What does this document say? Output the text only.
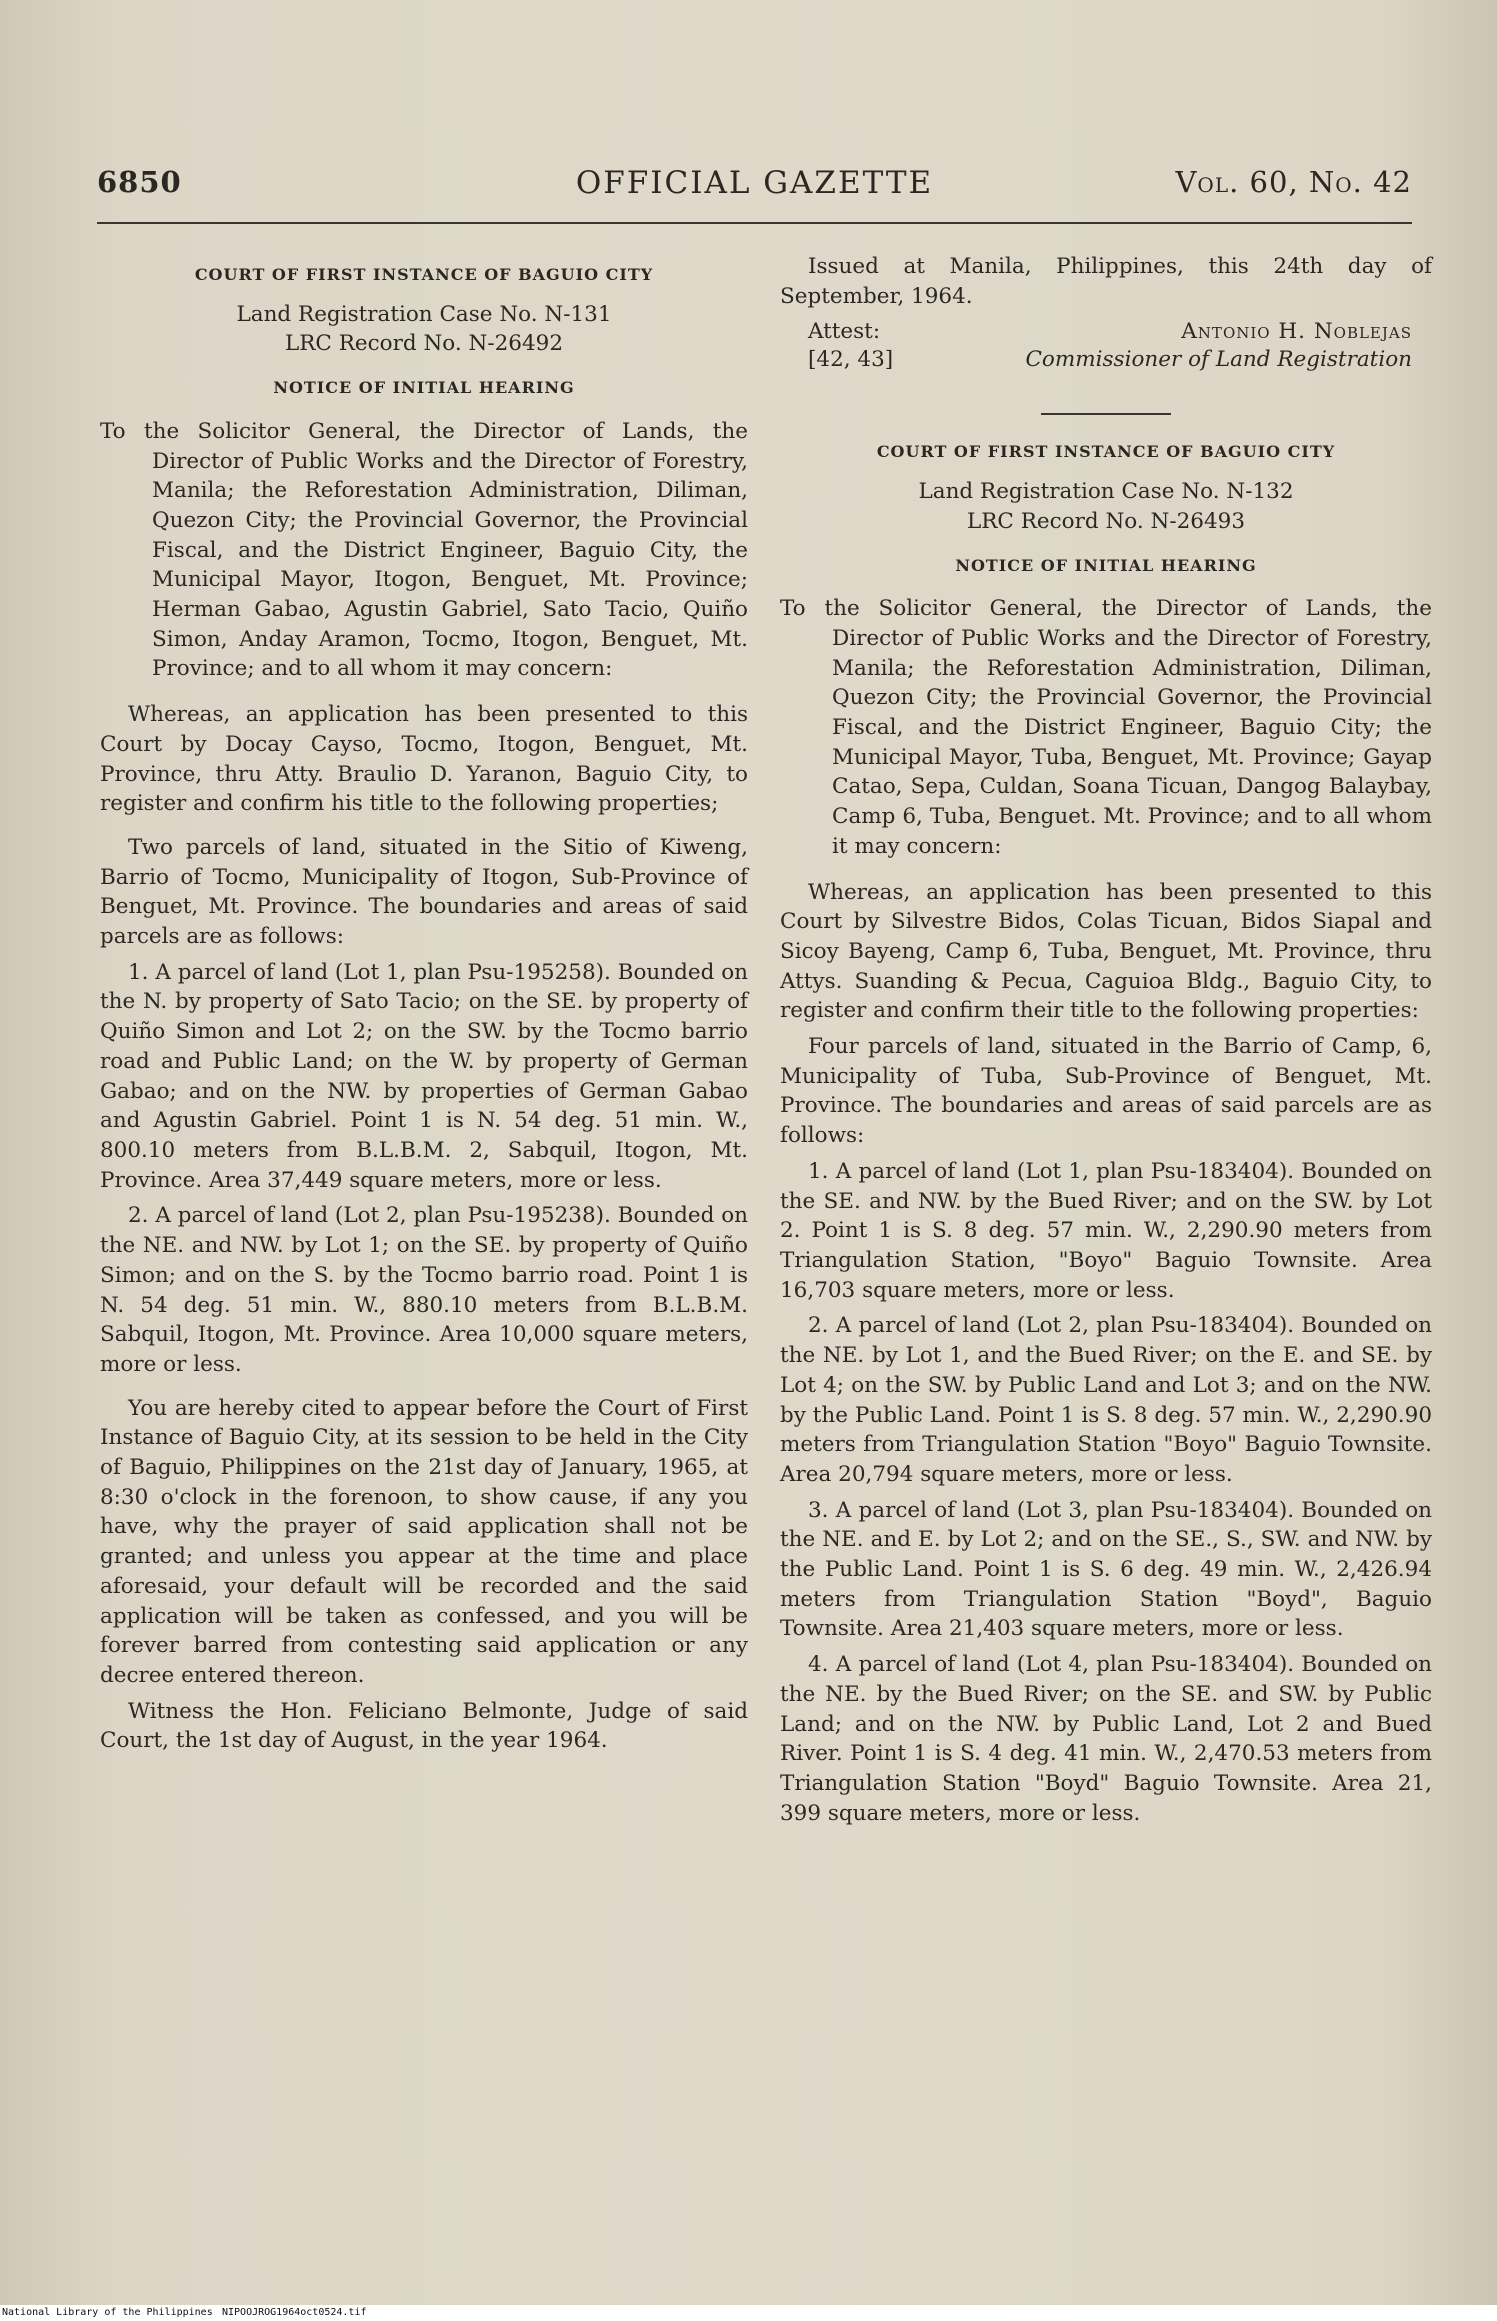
6850	OFFICIAL GAZETTE	Vol. 60, No. 42
COURT OF FIRST INSTANCE OF BAGUIO CITY

Land Registration Case No. N-131

LRC Record No. N-26492

NOTICE OF INITIAL HEARING

To the Solicitor General, the Director of Lands, the Director of Public Works and the Director of Forestry, Manila; the Reforestation Administration, Diliman, Quezon City; the Provincial Governor, the Provincial Fiscal, and the District Engineer, Baguio City, the Municipal Mayor, Itogon, Benguet, Mt. Province; Herman Gabao, Agustin Gabriel, Sato Tacio, Quiño Simon, Anday Aramon, Tocmo, Itogon, Benguet, Mt. Province; and to all whom it may concern:

Whereas, an application has been presented to this Court by Docay Cayso, Tocmo, Itogon, Benguet, Mt. Province, thru Atty. Braulio D. Yaranon, Baguio City, to register and confirm his title to the following properties;

Two parcels of land, situated in the Sitio of Kiweng, Barrio of Tocmo, Municipality of Itogon, Sub-Province of Benguet, Mt. Province. The boundaries and areas of said parcels are as follows:

1. A parcel of land (Lot 1, plan Psu-195258). Bounded on the N. by property of Sato Tacio; on the SE. by property of Quiño Simon and Lot 2; on the SW. by the Tocmo barrio road and Public Land; on the W. by property of German Gabao; and on the NW. by properties of German Gabao and Agustin Gabriel. Point 1 is N. 54 deg. 51 min. W., 800.10 meters from B.L.B.M. 2, Sabquil, Itogon, Mt. Province. Area 37,449 square meters, more or less.

2. A parcel of land (Lot 2, plan Psu-195238). Bounded on the NE. and NW. by Lot 1; on the SE. by property of Quiño Simon; and on the S. by the Tocmo barrio road. Point 1 is N. 54 deg. 51 min. W., 880.10 meters from B.L.B.M. Sabquil, Itogon, Mt. Province. Area 10,000 square meters, more or less.

You are hereby cited to appear before the Court of First Instance of Baguio City, at its session to be held in the City of Baguio, Philippines on the 21st day of January, 1965, at 8:30 o'clock in the forenoon, to show cause, if any you have, why the prayer of said application shall not be granted; and unless you appear at the time and place aforesaid, your default will be recorded and the said application will be taken as confessed, and you will be forever barred from contesting said application or any decree entered thereon.

Witness the Hon. Feliciano Belmonte, Judge of said Court, the 1st day of August, in the year 1964.

Issued at Manila, Philippines, this 24th day of September, 1964.

Attest:	Antonio H. Noblejas
[42, 43]	Commissioner of Land Registration
COURT OF FIRST INSTANCE OF BAGUIO CITY

Land Registration Case No. N-132

LRC Record No. N-26493

NOTICE OF INITIAL HEARING

To the Solicitor General, the Director of Lands, the Director of Public Works and the Director of Forestry, Manila; the Reforestation Administration, Diliman, Quezon City; the Provincial Governor, the Provincial Fiscal, and the District Engineer, Baguio City; the Municipal Mayor, Tuba, Benguet, Mt. Province; Gayap Catao, Sepa, Culdan, Soana Ticuan, Dangog Balaybay, Camp 6, Tuba, Benguet. Mt. Province; and to all whom it may concern:

Whereas, an application has been presented to this Court by Silvestre Bidos, Colas Ticuan, Bidos Siapal and Sicoy Bayeng, Camp 6, Tuba, Benguet, Mt. Province, thru Attys. Suanding & Pecua, Caguioa Bldg., Baguio City, to register and confirm their title to the following properties:

Four parcels of land, situated in the Barrio of Camp, 6, Municipality of Tuba, Sub-Province of Benguet, Mt. Province. The boundaries and areas of said parcels are as follows:

1. A parcel of land (Lot 1, plan Psu-183404). Bounded on the SE. and NW. by the Bued River; and on the SW. by Lot 2. Point 1 is S. 8 deg. 57 min. W., 2,290.90 meters from Triangulation Station, "Boyo" Baguio Townsite. Area 16,703 square meters, more or less.

2. A parcel of land (Lot 2, plan Psu-183404). Bounded on the NE. by Lot 1, and the Bued River; on the E. and SE. by Lot 4; on the SW. by Public Land and Lot 3; and on the NW. by the Public Land. Point 1 is S. 8 deg. 57 min. W., 2,290.90 meters from Triangulation Station "Boyo" Baguio Townsite. Area 20,794 square meters, more or less.

3. A parcel of land (Lot 3, plan Psu-183404). Bounded on the NE. and E. by Lot 2; and on the SE., S., SW. and NW. by the Public Land. Point 1 is S. 6 deg. 49 min. W., 2,426.94 meters from Triangulation Station "Boyd", Baguio Townsite. Area 21,403 square meters, more or less.

4. A parcel of land (Lot 4, plan Psu-183404). Bounded on the NE. by the Bued River; on the SE. and SW. by Public Land; and on the NW. by Public Land, Lot 2 and Bued River. Point 1 is S. 4 deg. 41 min. W., 2,470.53 meters from Triangulation Station "Boyd" Baguio Townsite. Area 21, 399 square meters, more or less.

National Library of the Philippines NIPOOJROG1964oct0524.tif
